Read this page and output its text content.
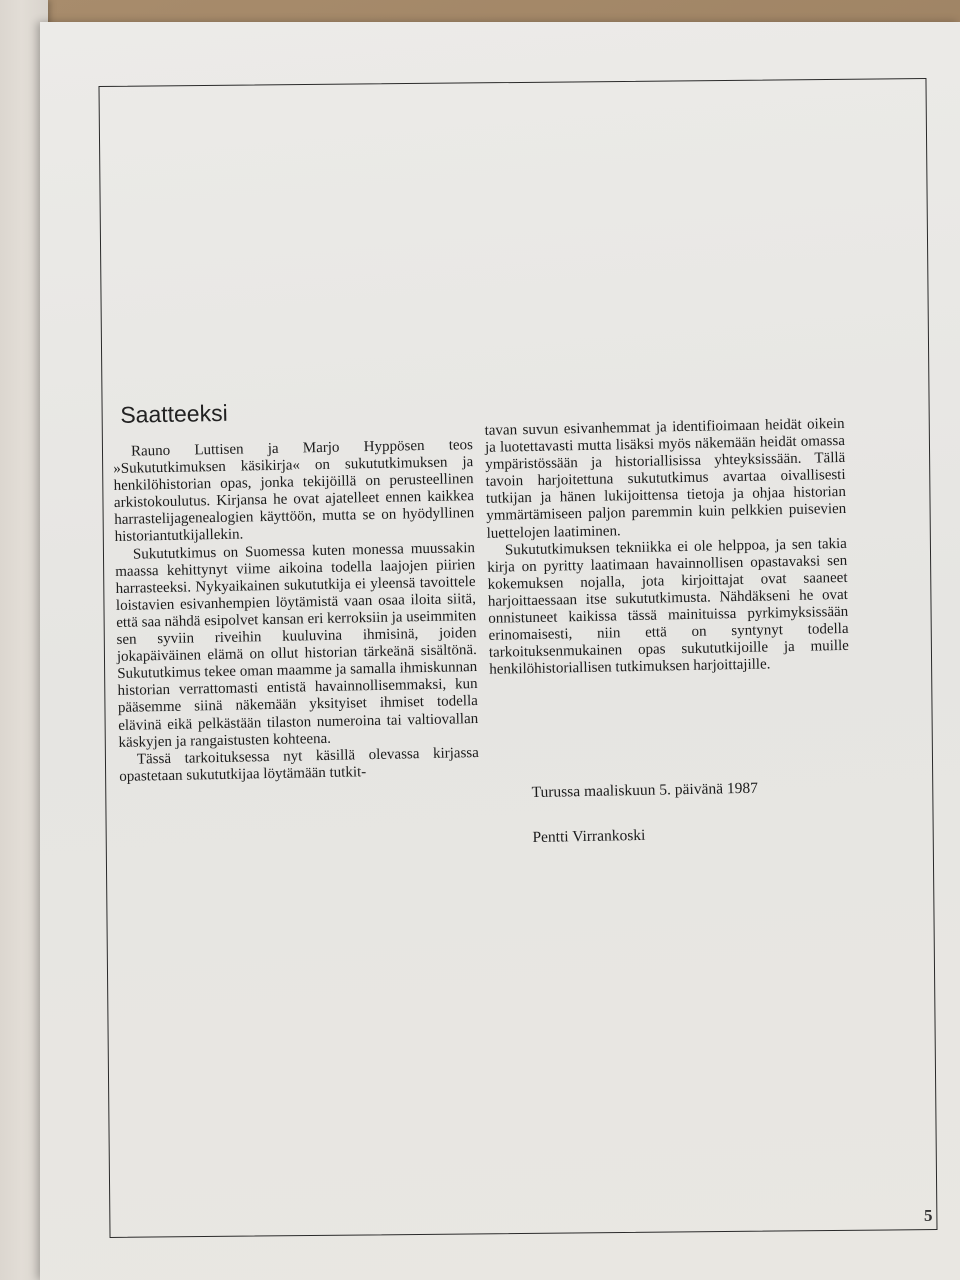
Saatteeksi

Rauno Luttisen ja Marjo Hyppösen teos »Sukututkimuksen käsikirja« on sukututkimuksen ja henkilöhistorian opas, jonka tekijöillä on perusteellinen arkistokoulutus. Kirjansa he ovat ajatelleet ennen kaikkea harrastelijagenealogien käyttöön, mutta se on hyödyllinen historiantutkijallekin.

Sukututkimus on Suomessa kuten monessa muussakin maassa kehittynyt viime aikoina todella laajojen piirien harrasteeksi. Nykyaikainen sukututkija ei yleensä tavoittele loistavien esivanhempien löytämistä vaan osaa iloita siitä, että saa nähdä esipolvet kansan eri kerroksiin ja useimmiten sen syviin riveihin kuuluvina ihmisinä, joiden jokapäiväinen elämä on ollut historian tärkeänä sisältönä. Sukututkimus tekee oman maamme ja samalla ihmiskunnan historian verrattomasti entistä havainnollisemmaksi, kun pääsemme siinä näkemään yksityiset ihmiset todella elävinä eikä pelkästään tilaston numeroina tai valtiovallan käskyjen ja rangaistusten kohteena.

Tässä tarkoituksessa nyt käsillä olevassa kirjassa opastetaan sukututkijaa löytämään tutkit-

tavan suvun esivanhemmat ja identifioimaan heidät oikein ja luotettavasti mutta lisäksi myös näkemään heidät omassa ympäristössään ja historiallisissa yhteyksissään. Tällä tavoin harjoitettuna sukututkimus avartaa oivallisesti tutkijan ja hänen lukijoittensa tietoja ja ohjaa historian ymmärtämiseen paljon paremmin kuin pelkkien puisevien luettelojen laatiminen.

Sukututkimuksen tekniikka ei ole helppoa, ja sen takia kirja on pyritty laatimaan havainnollisen opastavaksi sen kokemuksen nojalla, jota kirjoittajat ovat saaneet harjoittaessaan itse sukututkimusta. Nähdäkseni he ovat onnistuneet kaikissa tässä mainituissa pyrkimyksissään erinomaisesti, niin että on syntynyt todella tarkoituksenmukainen opas sukututkijoille ja muille henkilöhistoriallisen tutkimuksen harjoittajille.

Turussa maaliskuun 5. päivänä 1987
Pentti Virrankoski
5
